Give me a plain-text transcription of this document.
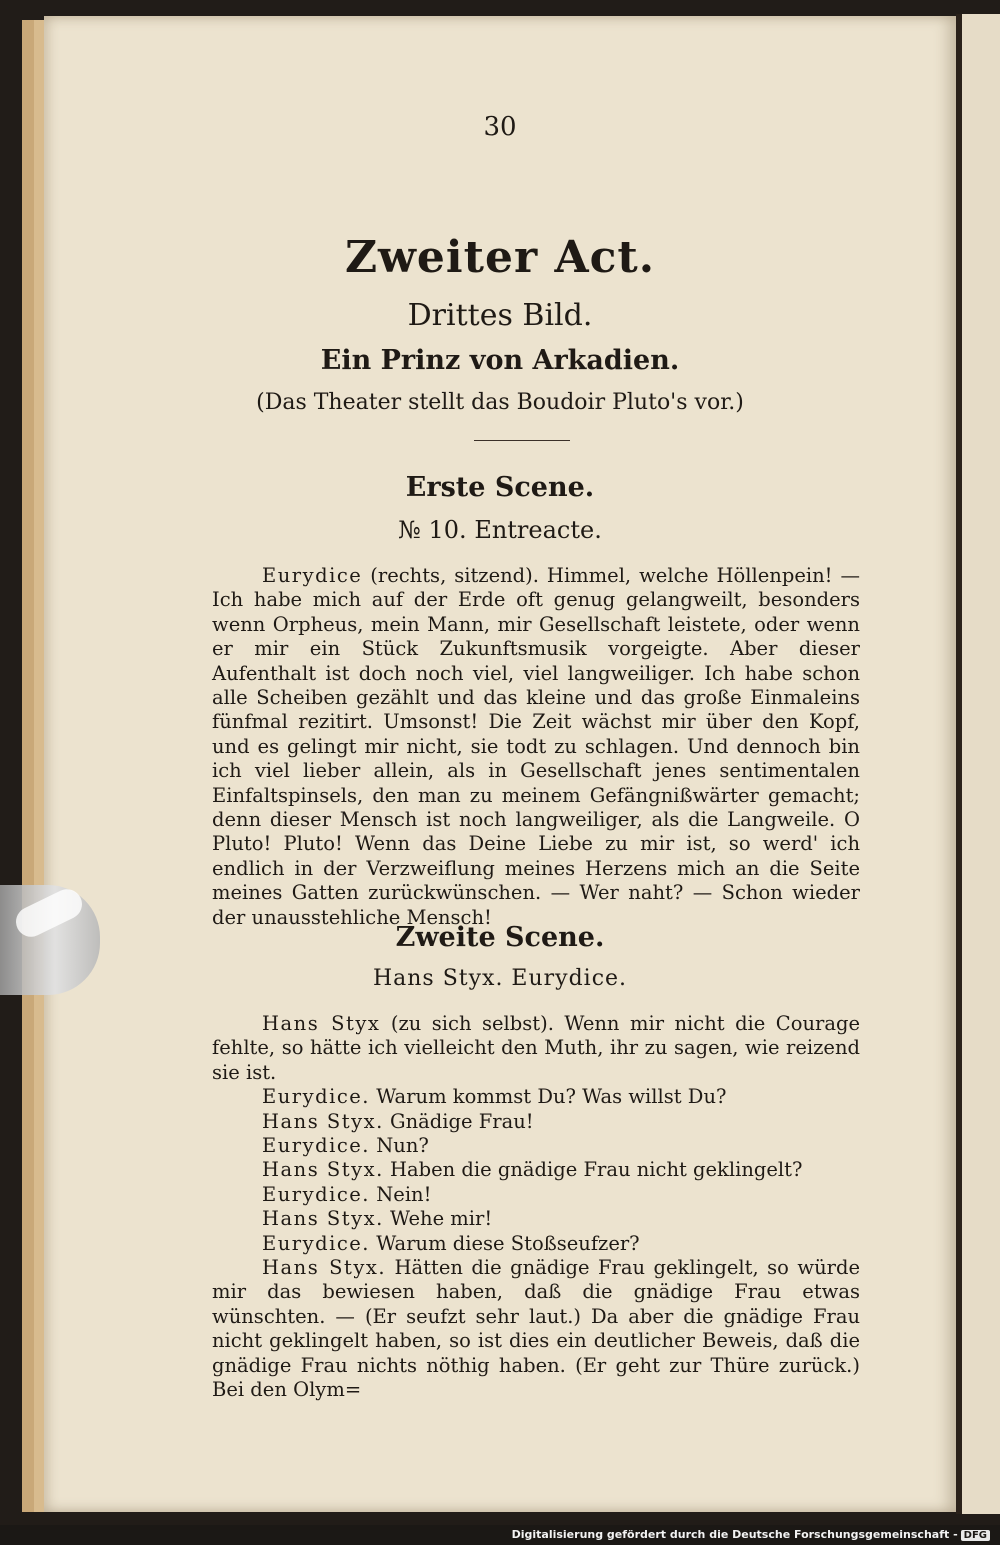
30
Zweiter Act.
Drittes Bild.
Ein Prinz von Arkadien.
(Das Theater stellt das Boudoir Pluto's vor.)
Erste Scene.
№ 10. Entreacte.

Eurydice (rechts, sitzend). Himmel, welche Höllenpein! — Ich habe mich auf der Erde oft genug gelangweilt, besonders wenn Orpheus, mein Mann, mir Gesellschaft leistete, oder wenn er mir ein Stück Zukunftsmusik vorgeigte. Aber dieser Aufenthalt ist doch noch viel, viel langweiliger. Ich habe schon alle Scheiben gezählt und das kleine und das große Einmaleins fünfmal rezitirt. Umsonst! Die Zeit wächst mir über den Kopf, und es gelingt mir nicht, sie todt zu schlagen. Und dennoch bin ich viel lieber allein, als in Gesellschaft jenes sentimentalen Einfaltspinsels, den man zu meinem Gefängnißwärter gemacht; denn dieser Mensch ist noch langweiliger, als die Langweile. O Pluto! Pluto! Wenn das Deine Liebe zu mir ist, so werd' ich endlich in der Verzweiflung meines Herzens mich an die Seite meines Gatten zurückwünschen. — Wer naht? — Schon wieder der unausstehliche Mensch!

Zweite Scene.
Hans Styx. Eurydice.

Hans Styx (zu sich selbst). Wenn mir nicht die Courage fehlte, so hätte ich vielleicht den Muth, ihr zu sagen, wie reizend sie ist.

Eurydice. Warum kommst Du? Was willst Du?

Hans Styx. Gnädige Frau!

Eurydice. Nun?

Hans Styx. Haben die gnädige Frau nicht geklingelt?

Eurydice. Nein!

Hans Styx. Wehe mir!

Eurydice. Warum diese Stoßseufzer?

Hans Styx. Hätten die gnädige Frau geklingelt, so würde mir das bewiesen haben, daß die gnädige Frau etwas wünschten. — (Er seufzt sehr laut.) Da aber die gnädige Frau nicht geklingelt haben, so ist dies ein deutlicher Beweis, daß die gnädige Frau nichts nöthig haben. (Er geht zur Thüre zurück.) Bei den Olym=

Digitalisierung gefördert durch die Deutsche Forschungsgemeinschaft - DFG
